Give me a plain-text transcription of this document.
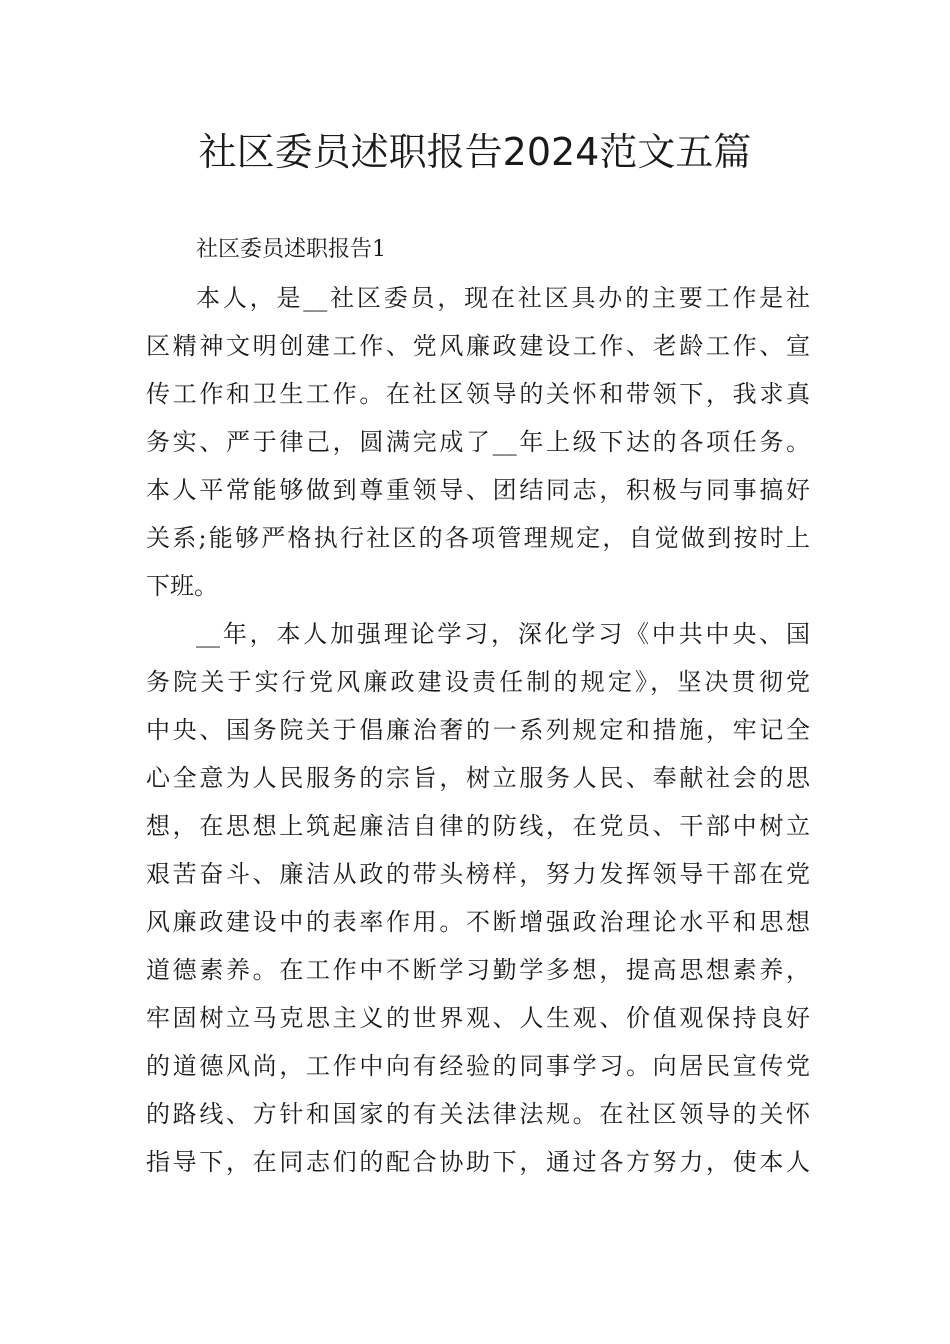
社区委员述职报告2024范文五篇
社区委员述职报告1
本人，是__社区委员，现在社区具办的主要工作是社
区精神文明创建工作、党风廉政建设工作、老龄工作、宣
传工作和卫生工作。在社区领导的关怀和带领下，我求真
务实、严于律己，圆满完成了__年上级下达的各项任务。
本人平常能够做到尊重领导、团结同志，积极与同事搞好
关系;能够严格执行社区的各项管理规定，自觉做到按时上
下班。
__年，本人加强理论学习，深化学习《中共中央、国
务院关于实行党风廉政建设责任制的规定》，坚决贯彻党
中央、国务院关于倡廉治奢的一系列规定和措施，牢记全
心全意为人民服务的宗旨，树立服务人民、奉献社会的思
想，在思想上筑起廉洁自律的防线，在党员、干部中树立
艰苦奋斗、廉洁从政的带头榜样，努力发挥领导干部在党
风廉政建设中的表率作用。不断增强政治理论水平和思想
道德素养。在工作中不断学习勤学多想，提高思想素养，
牢固树立马克思主义的世界观、人生观、价值观保持良好
的道德风尚，工作中向有经验的同事学习。向居民宣传党
的路线、方针和国家的有关法律法规。在社区领导的关怀
指导下，在同志们的配合协助下，通过各方努力，使本人
